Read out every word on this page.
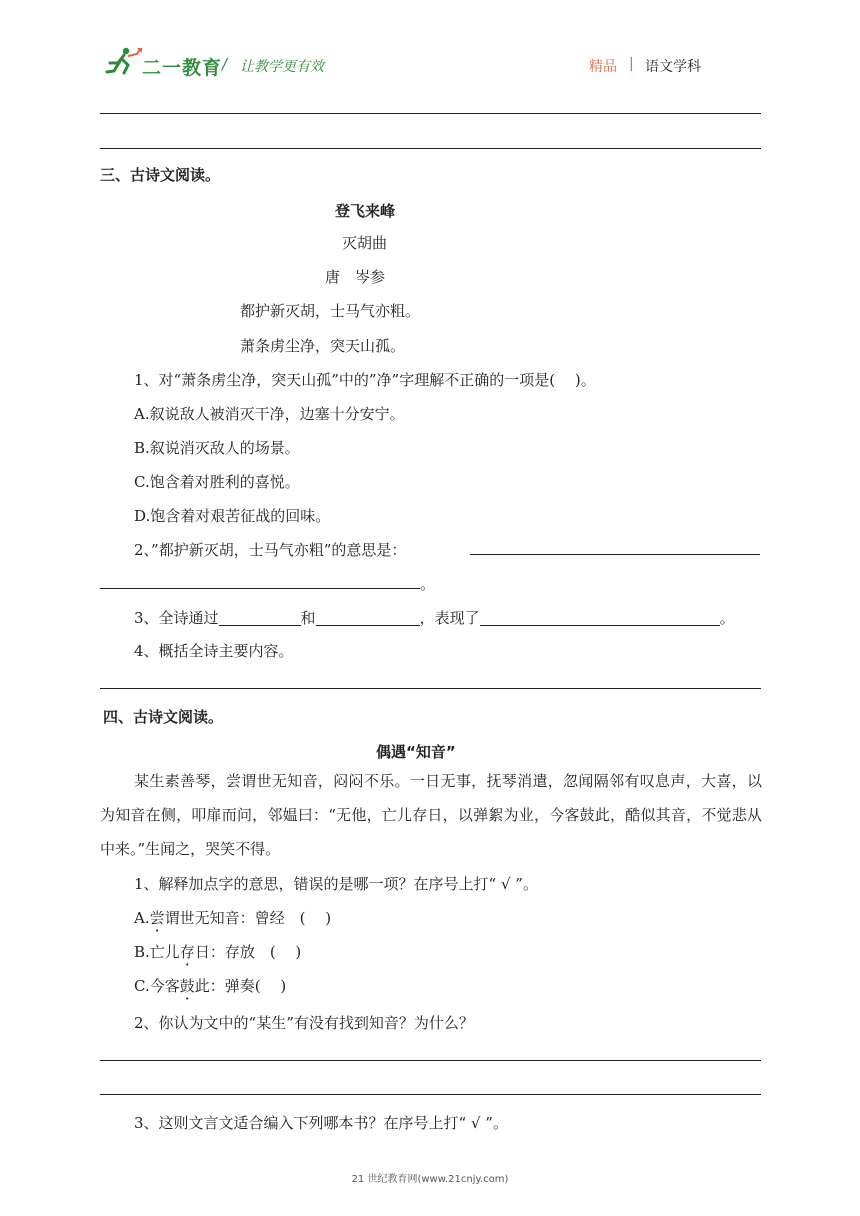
二一教育 / 让教学更有效	精品 | 语文学科
三、古诗文阅读。
登飞来峰
灭胡曲
唐　岑参
都护新灭胡，士马气亦粗。
萧条虏尘净，突天山孤。
1、对“萧条虏尘净，突天山孤”中的”净”字理解不正确的一项是(　 )。
A.叙说敌人被消灭干净，边塞十分安宁。
B.叙说消灭敌人的场景。
C.饱含着对胜利的喜悦。
D.饱含着对艰苦征战的回味。
2、”都护新灭胡，士马气亦粗”的意思是：
。
3、全诗通过	和	，表现了	。
4、概括全诗主要内容。
四、古诗文阅读。
偶遇“知音”
某生素善琴，尝谓世无知音，闷闷不乐。一日无事，抚琴消遣，忽闻隔邻有叹息声，大喜，以为知音在侧，叩扉而问，邻媪曰：“无他，亡儿存日，以弹絮为业，今客鼓此，酷似其音，不觉悲从中来。”生闻之，哭笑不得。
1、解释加点字的意思，错误的是哪一项？在序号上打“ √ ”。
A.尝谓世无知音：曾经　(　 )
B.亡儿存日：存放　(　 )
C.今客鼓此：弹奏(　 )
2、你认为文中的“某生”有没有找到知音？为什么？
3、这则文言文适合编入下列哪本书？在序号上打“ √ ”。
21 世纪教育网(www.21cnjy.com)
